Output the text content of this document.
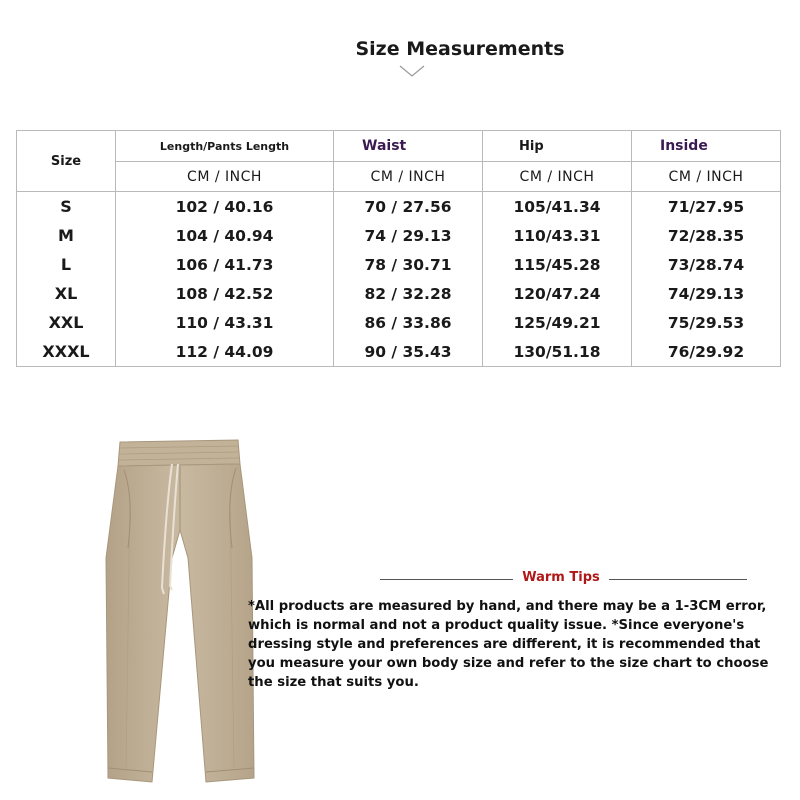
Size Measurements
Size	Length/Pants Length	Waist	Hip	Inside
	CM / INCH	CM / INCH	CM / INCH	CM / INCH
S	102 / 40.16	70 / 27.56	105/41.34	71/27.95
M	104 / 40.94	74 / 29.13	110/43.31	72/28.35
L	106 / 41.73	78 / 30.71	115/45.28	73/28.74
XL	108 / 42.52	82 / 32.28	120/47.24	74/29.13
XXL	110 / 43.31	86 / 33.86	125/49.21	75/29.53
XXXL	112 / 44.09	90 / 35.43	130/51.18	76/29.92
Warm Tips
*All products are measured by hand, and there may be a 1-3CM error, which is normal and not a product quality issue. *Since everyone's dressing style and preferences are different, it is recommended that you measure your own body size and refer to the size chart to choose the size that suits you.
